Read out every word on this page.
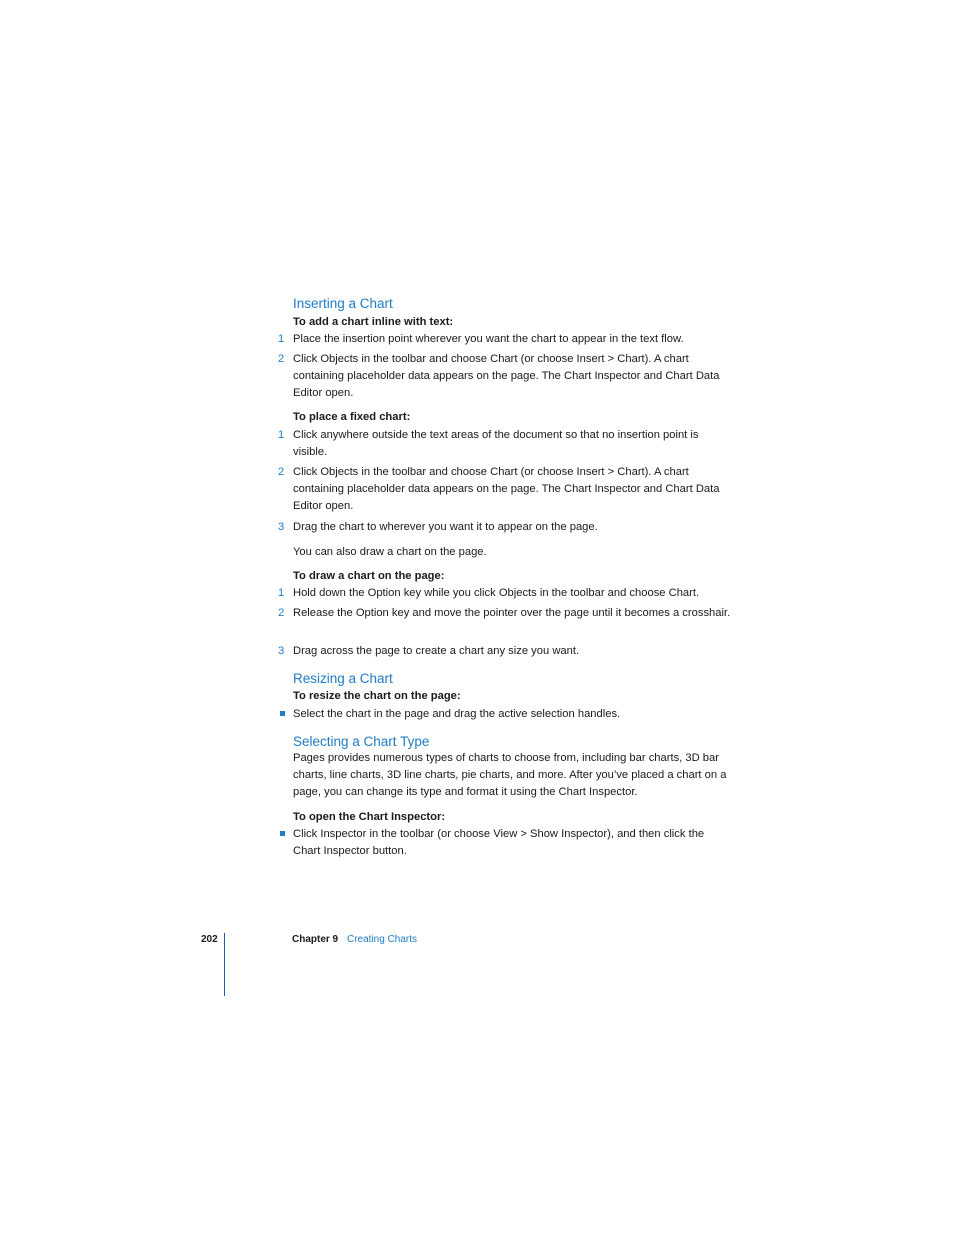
Inserting a Chart
To add a chart inline with text:
1 Place the insertion point wherever you want the chart to appear in the text flow.
2 Click Objects in the toolbar and choose Chart (or choose Insert > Chart). A chart containing placeholder data appears on the page. The Chart Inspector and Chart Data Editor open.
To place a fixed chart:
1 Click anywhere outside the text areas of the document so that no insertion point is visible.
2 Click Objects in the toolbar and choose Chart (or choose Insert > Chart). A chart containing placeholder data appears on the page. The Chart Inspector and Chart Data Editor open.
3 Drag the chart to wherever you want it to appear on the page.
You can also draw a chart on the page.
To draw a chart on the page:
1 Hold down the Option key while you click Objects in the toolbar and choose Chart.
2 Release the Option key and move the pointer over the page until it becomes a crosshair.
3 Drag across the page to create a chart any size you want.
Resizing a Chart
To resize the chart on the page:
Select the chart in the page and drag the active selection handles.
Selecting a Chart Type
Pages provides numerous types of charts to choose from, including bar charts, 3D bar charts, line charts, 3D line charts, pie charts, and more. After you’ve placed a chart on a page, you can change its type and format it using the Chart Inspector.
To open the Chart Inspector:
Click Inspector in the toolbar (or choose View > Show Inspector), and then click the Chart Inspector button.
202	Chapter 9 Creating Charts
